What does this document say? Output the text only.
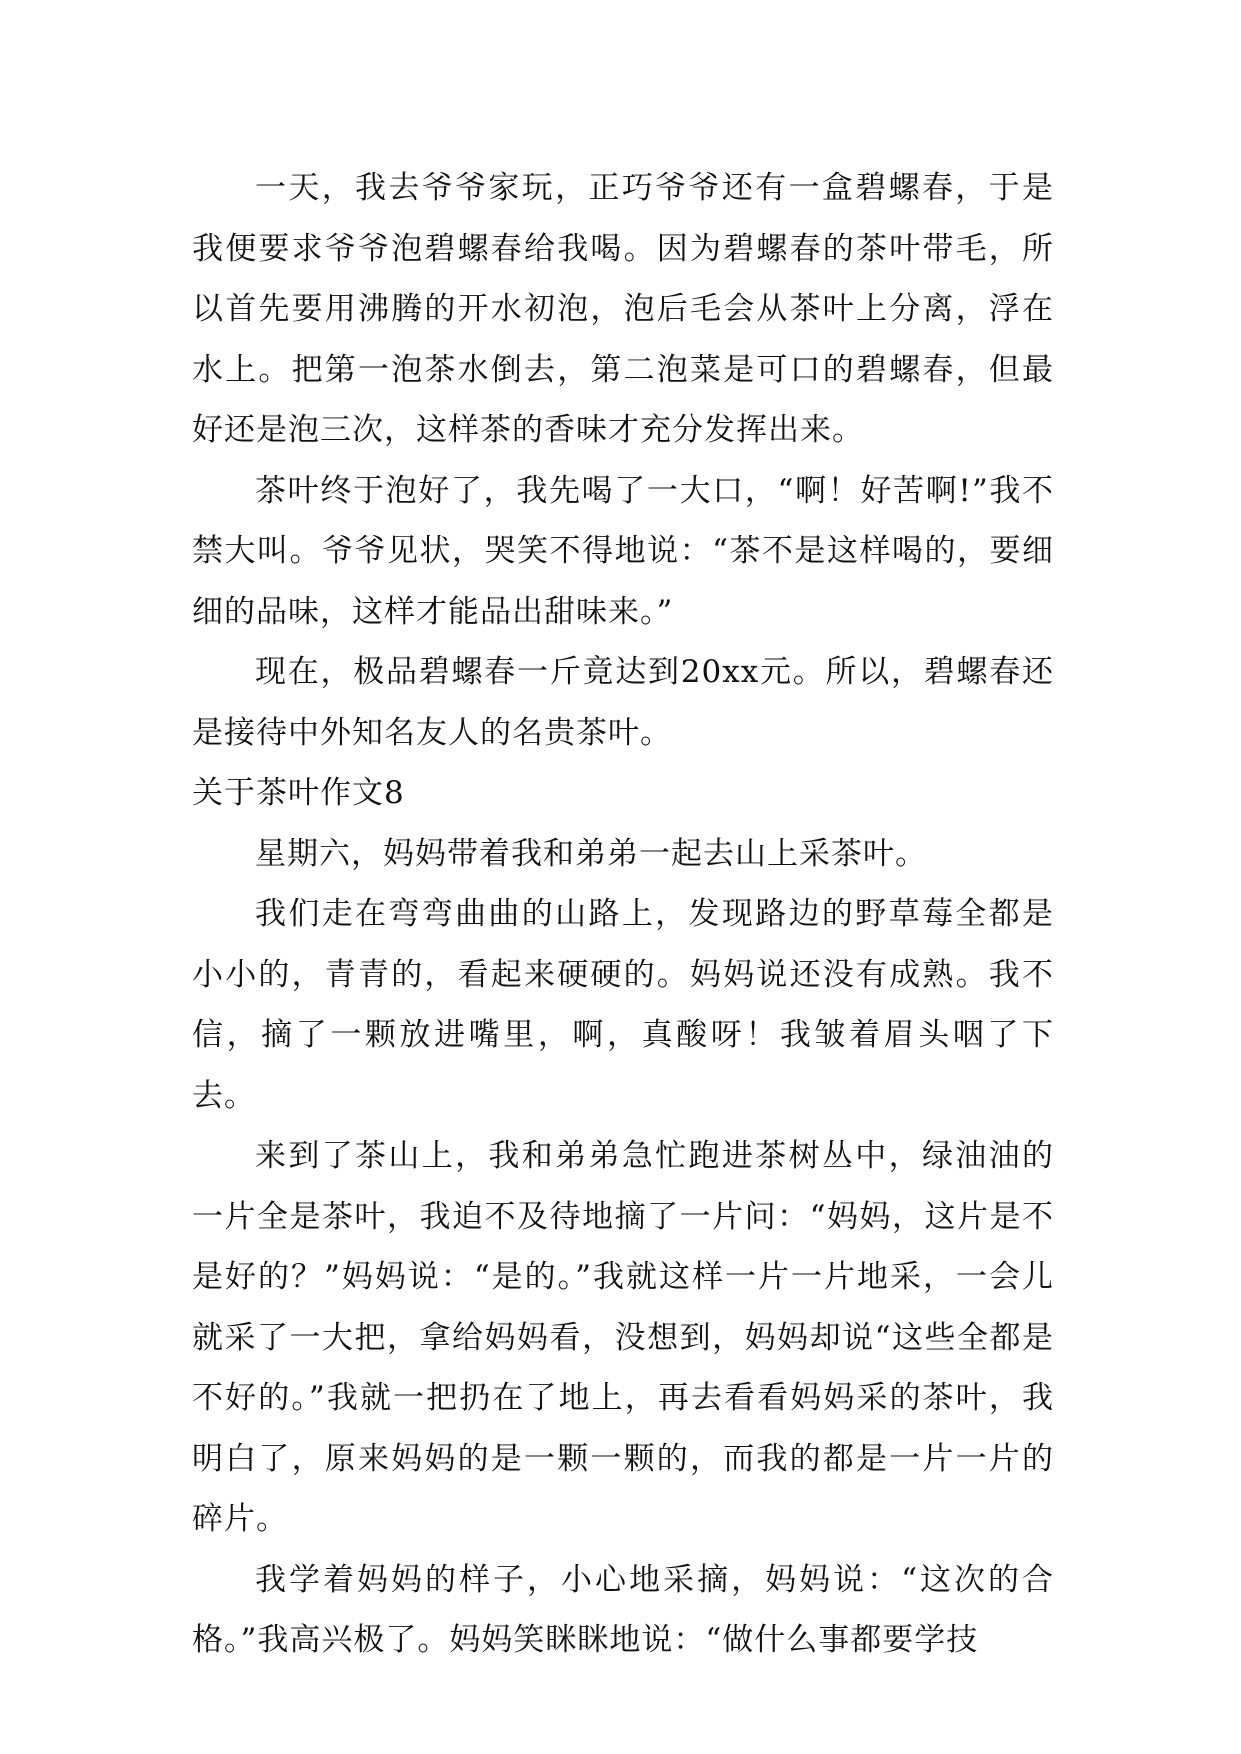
一天，我去爷爷家玩，正巧爷爷还有一盒碧螺春，于是我便要求爷爷泡碧螺春给我喝。因为碧螺春的茶叶带毛，所以首先要用沸腾的开水初泡，泡后毛会从茶叶上分离，浮在水上。把第一泡茶水倒去，第二泡菜是可口的碧螺春，但最好还是泡三次，这样茶的香味才充分发挥出来。

茶叶终于泡好了，我先喝了一大口，“啊！好苦啊!”我不禁大叫。爷爷见状，哭笑不得地说：“茶不是这样喝的，要细细的品味，这样才能品出甜味来。”

现在，极品碧螺春一斤竟达到20xx元。所以，碧螺春还是接待中外知名友人的名贵茶叶。

关于茶叶作文8

星期六，妈妈带着我和弟弟一起去山上采茶叶。

我们走在弯弯曲曲的山路上，发现路边的野草莓全都是小小的，青青的，看起来硬硬的。妈妈说还没有成熟。我不信，摘了一颗放进嘴里，啊，真酸呀！我皱着眉头咽了下去。

来到了茶山上，我和弟弟急忙跑进茶树丛中，绿油油的一片全是茶叶，我迫不及待地摘了一片问：“妈妈，这片是不是好的？”妈妈说：“是的。”我就这样一片一片地采，一会儿就采了一大把，拿给妈妈看，没想到，妈妈却说“这些全都是不好的。”我就一把扔在了地上，再去看看妈妈采的茶叶，我明白了，原来妈妈的是一颗一颗的，而我的都是一片一片的碎片。

我学着妈妈的样子，小心地采摘，妈妈说：“这次的合格。”我高兴极了。妈妈笑眯眯地说：“做什么事都要学技
